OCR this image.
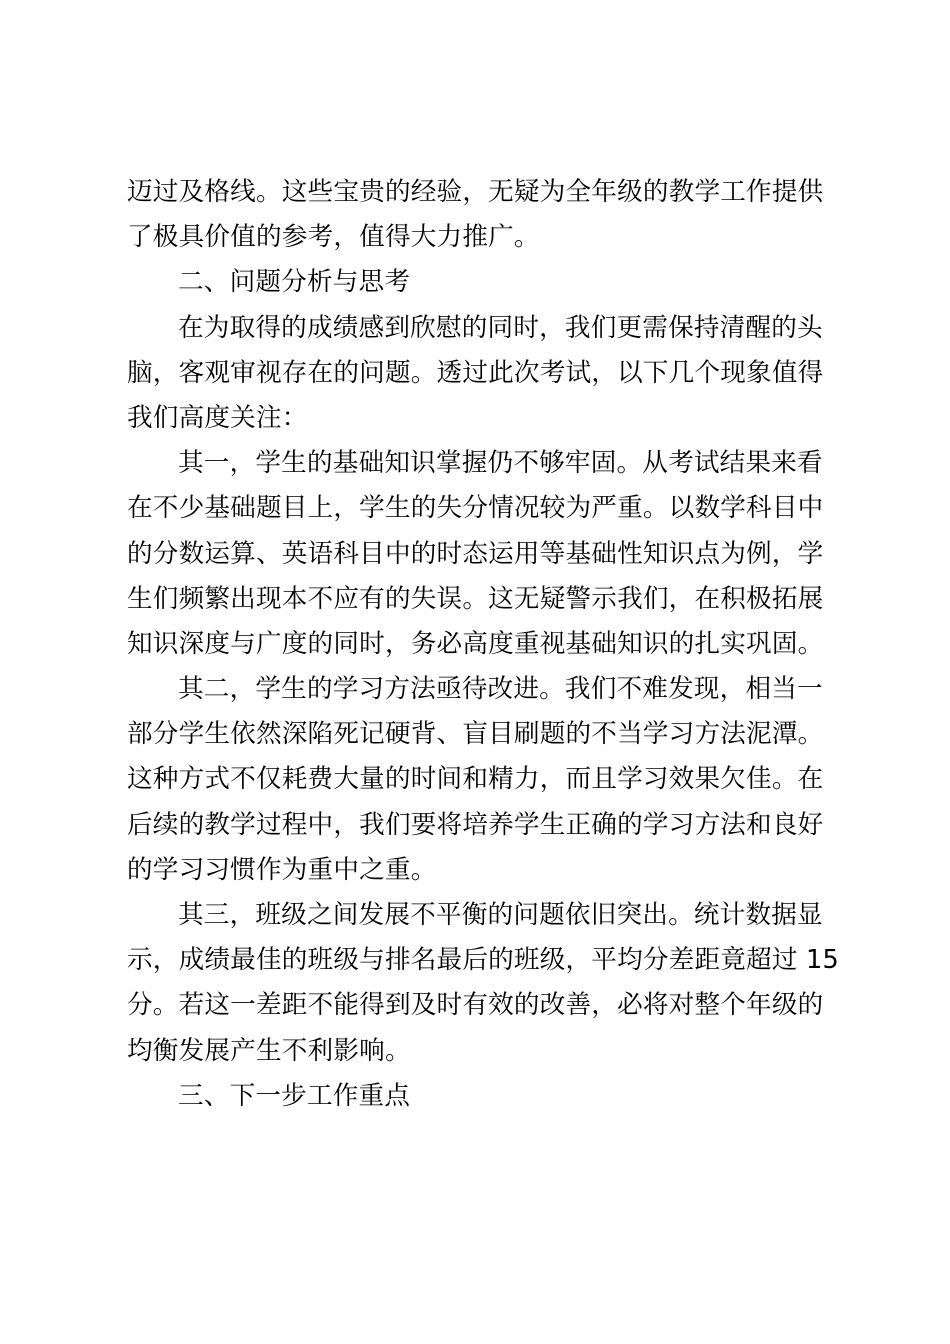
迈过及格线。这些宝贵的经验，无疑为全年级的教学工作提供
了极具价值的参考，值得大力推广。
二、问题分析与思考
在为取得的成绩感到欣慰的同时，我们更需保持清醒的头
脑，客观审视存在的问题。透过此次考试，以下几个现象值得
我们高度关注：
其一，学生的基础知识掌握仍不够牢固。从考试结果来看
在不少基础题目上，学生的失分情况较为严重。以数学科目中
的分数运算、英语科目中的时态运用等基础性知识点为例，学
生们频繁出现本不应有的失误。这无疑警示我们，在积极拓展
知识深度与广度的同时，务必高度重视基础知识的扎实巩固。
其二，学生的学习方法亟待改进。我们不难发现，相当一
部分学生依然深陷死记硬背、盲目刷题的不当学习方法泥潭。
这种方式不仅耗费大量的时间和精力，而且学习效果欠佳。在
后续的教学过程中，我们要将培养学生正确的学习方法和良好
的学习习惯作为重中之重。
其三，班级之间发展不平衡的问题依旧突出。统计数据显
示，成绩最佳的班级与排名最后的班级，平均分差距竟超过 15
分。若这一差距不能得到及时有效的改善，必将对整个年级的
均衡发展产生不利影响。
三、下一步工作重点
